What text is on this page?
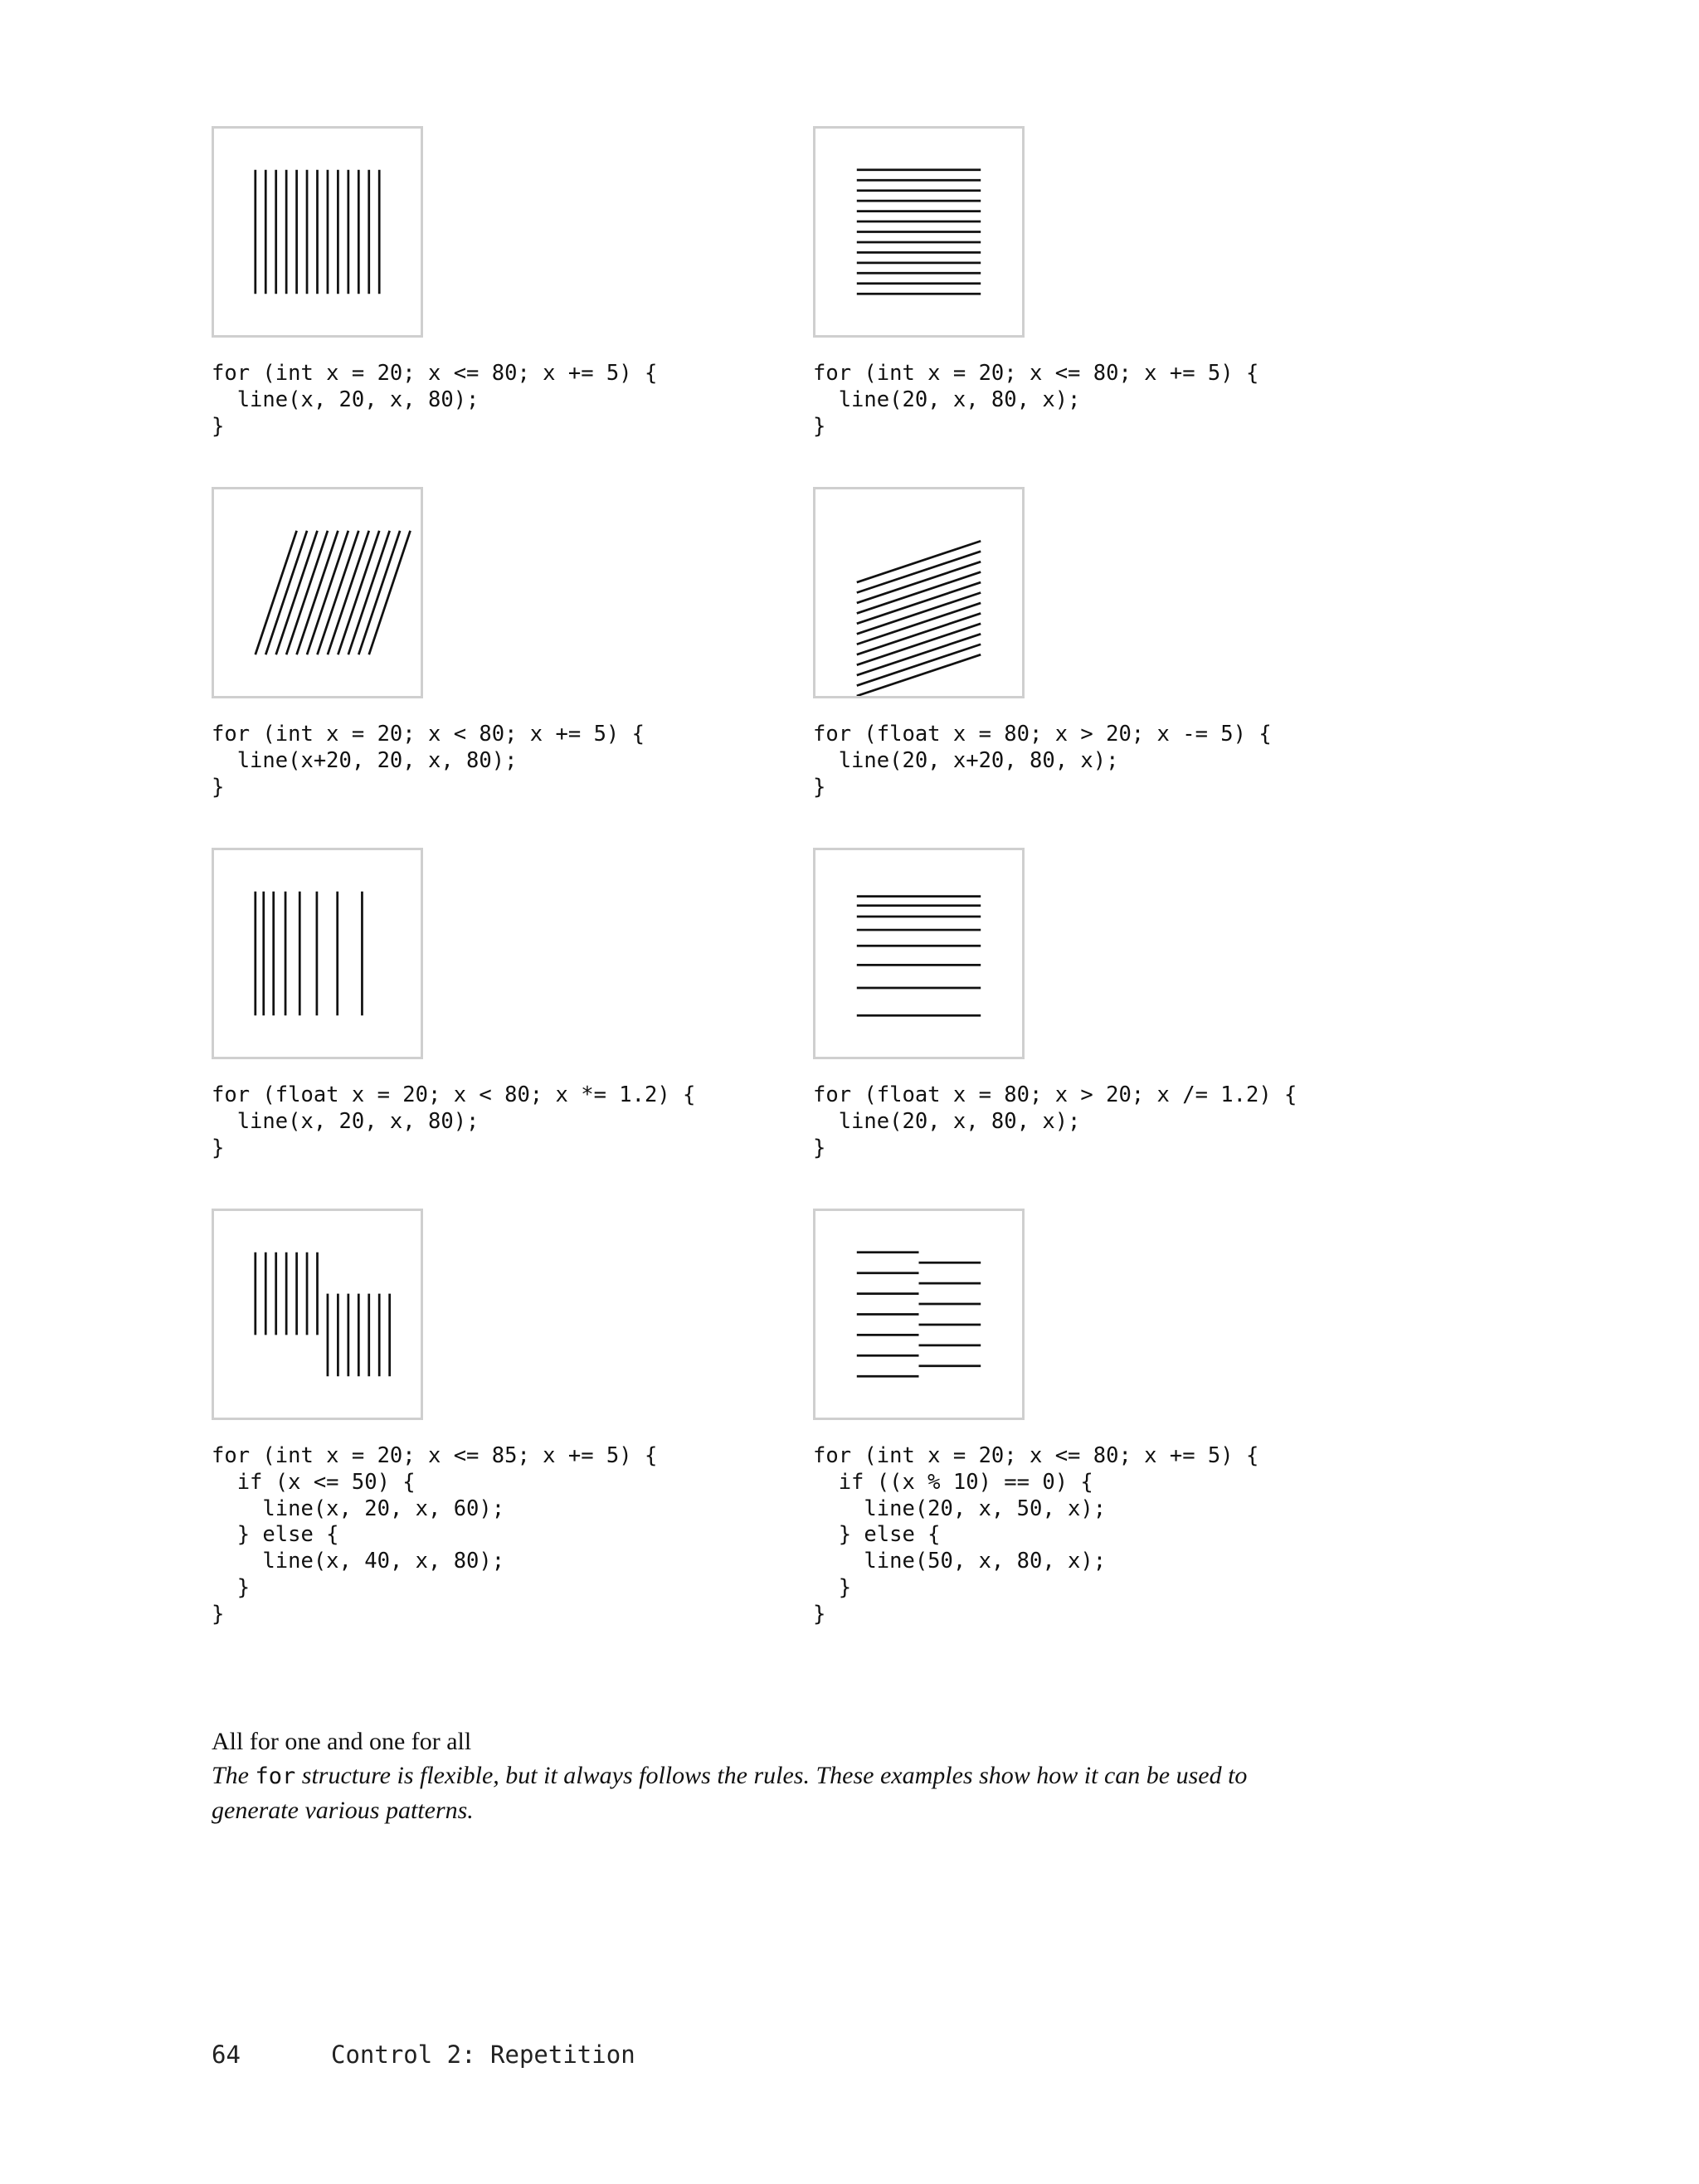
for (int x = 20; x <= 80; x += 5) {
line(x, 20, x, 80);
}
for (int x = 20; x <= 80; x += 5) {
line(20, x, 80, x);
}
for (int x = 20; x < 80; x += 5) {
line(x+20, 20, x, 80);
}
for (float x = 80; x > 20; x -= 5) {
line(20, x+20, 80, x);
}
for (float x = 20; x < 80; x *= 1.2) {
line(x, 20, x, 80);
}
for (float x = 80; x > 20; x /= 1.2) {
line(20, x, 80, x);
}
for (int x = 20; x <= 85; x += 5) {
if (x <= 50) {
line(x, 20, x, 60);
} else {
line(x, 40, x, 80);
}
}
for (int x = 20; x <= 80; x += 5) {
if ((x % 10) == 0) {
line(20, x, 50, x);
} else {
line(50, x, 80, x);
}
}
All for one and one for all
The for structure is flexible, but it always follows the rules. These examples show how it can be used to generate various patterns.
64	Control 2: Repetition
